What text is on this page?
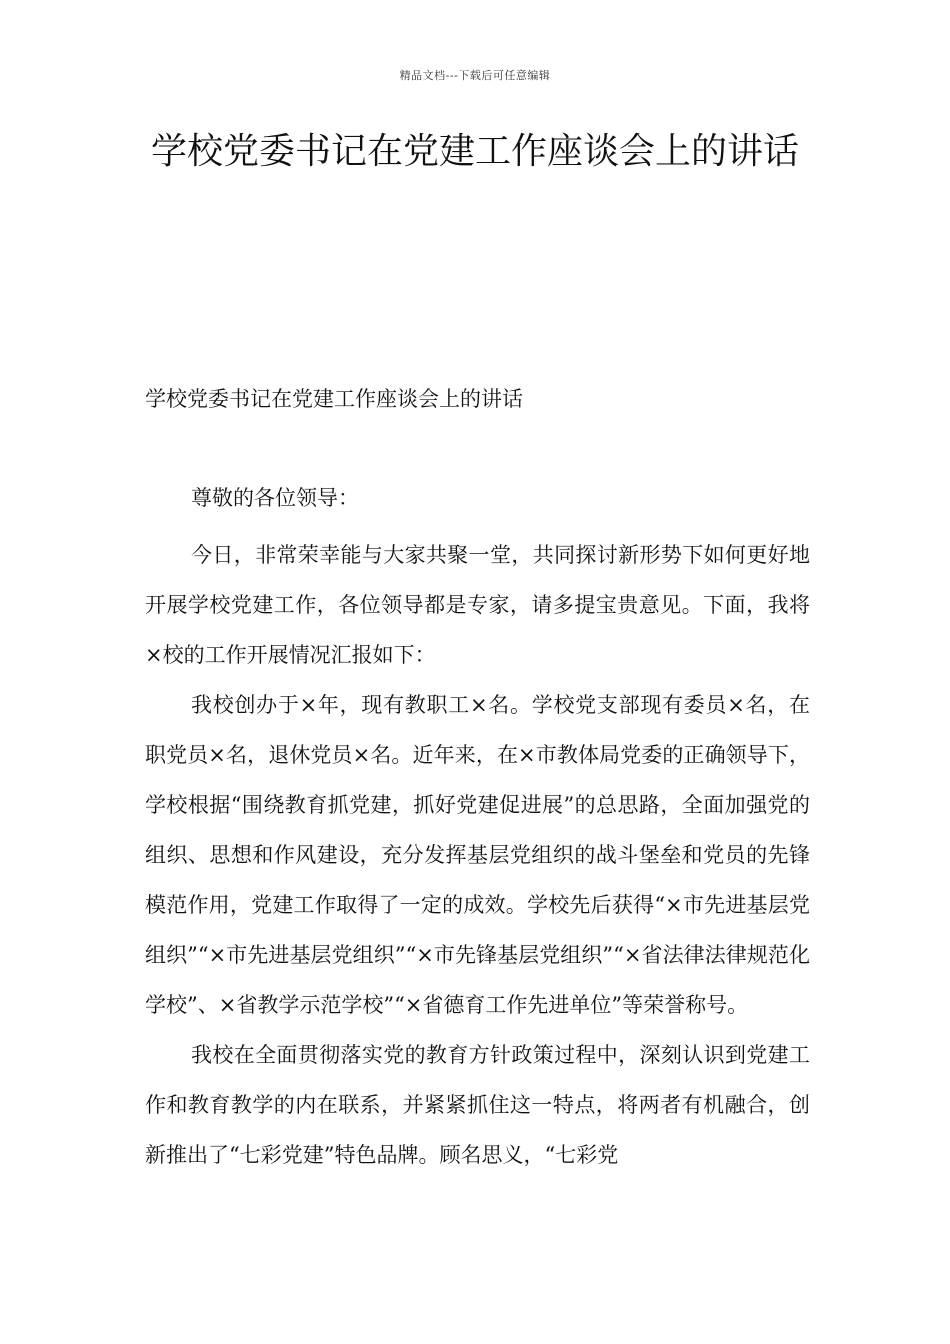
精品文档---下载后可任意编辑
学校党委书记在党建工作座谈会上的讲话

学校党委书记在党建工作座谈会上的讲话

尊敬的各位领导：

今日，非常荣幸能与大家共聚一堂，共同探讨新形势下如何更好地开展学校党建工作，各位领导都是专家，请多提宝贵意见。下面，我将×校的工作开展情况汇报如下：

我校创办于×年，现有教职工×名。学校党支部现有委员×名，在职党员×名，退休党员×名。近年来，在×市教体局党委的正确领导下，学校根据“围绕教育抓党建，抓好党建促进展”的总思路，全面加强党的组织、思想和作风建设，充分发挥基层党组织的战斗堡垒和党员的先锋模范作用，党建工作取得了一定的成效。学校先后获得“×市先进基层党组织”“×市先进基层党组织”“×市先锋基层党组织”“×省法律法律规范化学校”、×省教学示范学校”“×省德育工作先进单位”等荣誉称号。

我校在全面贯彻落实党的教育方针政策过程中，深刻认识到党建工作和教育教学的内在联系，并紧紧抓住这一特点，将两者有机融合，创新推出了“七彩党建”特色品牌。顾名思义，“七彩党
